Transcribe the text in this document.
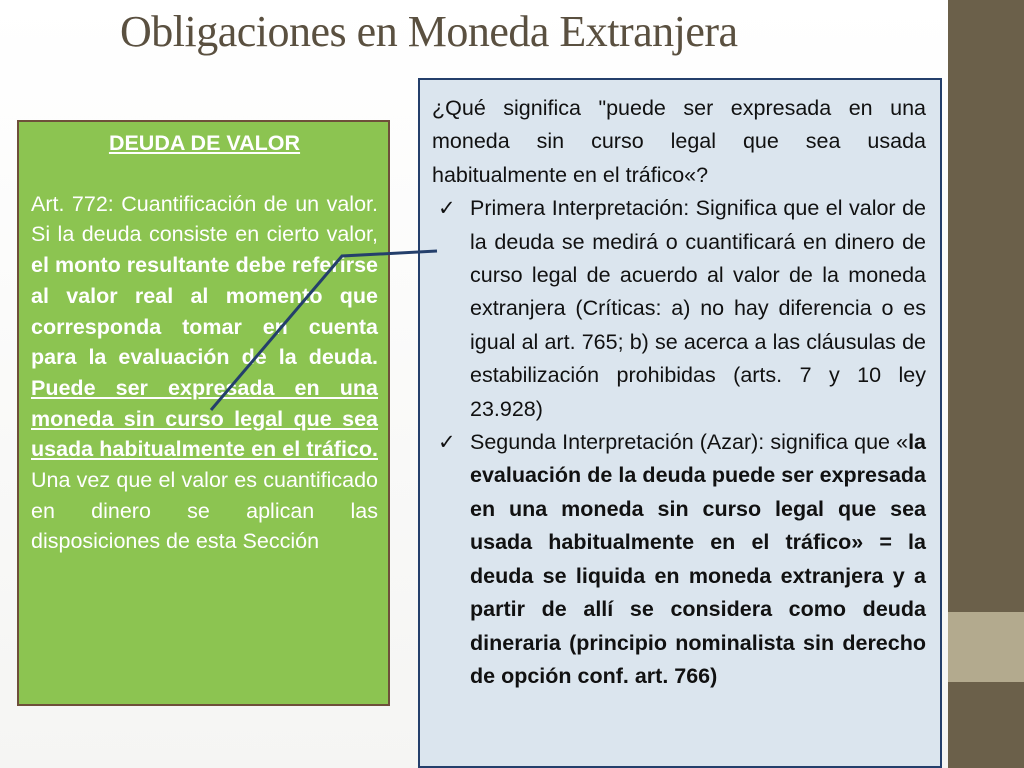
Obligaciones en Moneda Extranjera
DEUDA DE VALOR
Art. 772: Cuantificación de un valor. Si la deuda consiste en cierto valor, el monto resultante debe referirse al valor real al momento que corresponda tomar en cuenta para la evaluación de la deuda. Puede ser expresada en una moneda sin curso legal que sea usada habitualmente en el tráfico. Una vez que el valor es cuantificado en dinero se aplican las disposiciones de esta Sección
¿Qué significa "puede ser expresada en una moneda sin curso legal que sea usada habitualmente en el tráfico«?
✓ Primera Interpretación: Significa que el valor de la deuda se medirá o cuantificará en dinero de curso legal de acuerdo al valor de la moneda extranjera (Críticas: a) no hay diferencia o es igual al art. 765; b) se acerca a las cláusulas de estabilización prohibidas (arts. 7 y 10 ley 23.928)
✓ Segunda Interpretación (Azar): significa que «la evaluación de la deuda puede ser expresada en una moneda sin curso legal que sea usada habitualmente en el tráfico» = la deuda se liquida en moneda extranjera y a partir de allí se considera como deuda dineraria (principio nominalista sin derecho de opción conf. art. 766)
